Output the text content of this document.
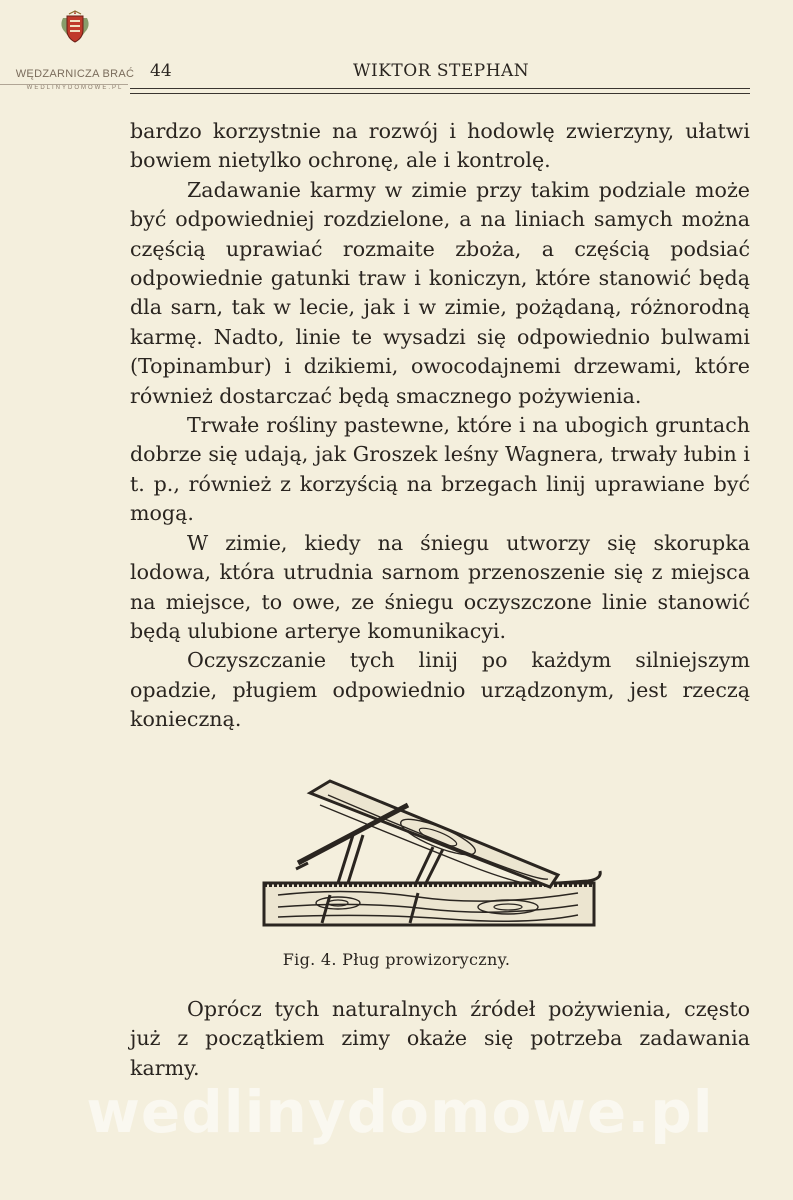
WĘDZARNICZA BRAĆ
WEDLINYDOMOWE.PL
44	WIKTOR STEPHAN

bardzo korzystnie na rozwój i hodowlę zwierzyny, ułatwi bowiem nietylko ochronę, ale i kontrolę.

Zadawanie karmy w zimie przy takim podziale może być odpowiedniej rozdzielone, a na liniach samych można częścią uprawiać rozmaite zboża, a częścią podsiać odpowiednie gatunki traw i koniczyn, które stanowić będą dla sarn, tak w lecie, jak i w zimie, pożądaną, różnorodną karmę. Nadto, linie te wysadzi się odpowiednio bulwami (Topinambur) i dzikiemi, owocodajnemi drzewami, które również dostarczać będą smacznego pożywienia.

Trwałe rośliny pastewne, które i na ubogich gruntach dobrze się udają, jak Groszek leśny Wagnera, trwały łubin i t. p., również z korzyścią na brzegach linij uprawiane być mogą.

W zimie, kiedy na śniegu utworzy się skorupka lodowa, która utrudnia sarnom przenoszenie się z miejsca na miejsce, to owe, ze śniegu oczyszczone linie stanowić będą ulubione arterye komunikacyi.

Oczyszczanie tych linij po każdym silniejszym opadzie, pługiem odpowiednio urządzonym, jest rzeczą konieczną.

Fig. 4. Pług prowizoryczny.

Oprócz tych naturalnych źródeł pożywienia, często już z początkiem zimy okaże się potrzeba zadawania karmy.

wedlinydomowe.pl
